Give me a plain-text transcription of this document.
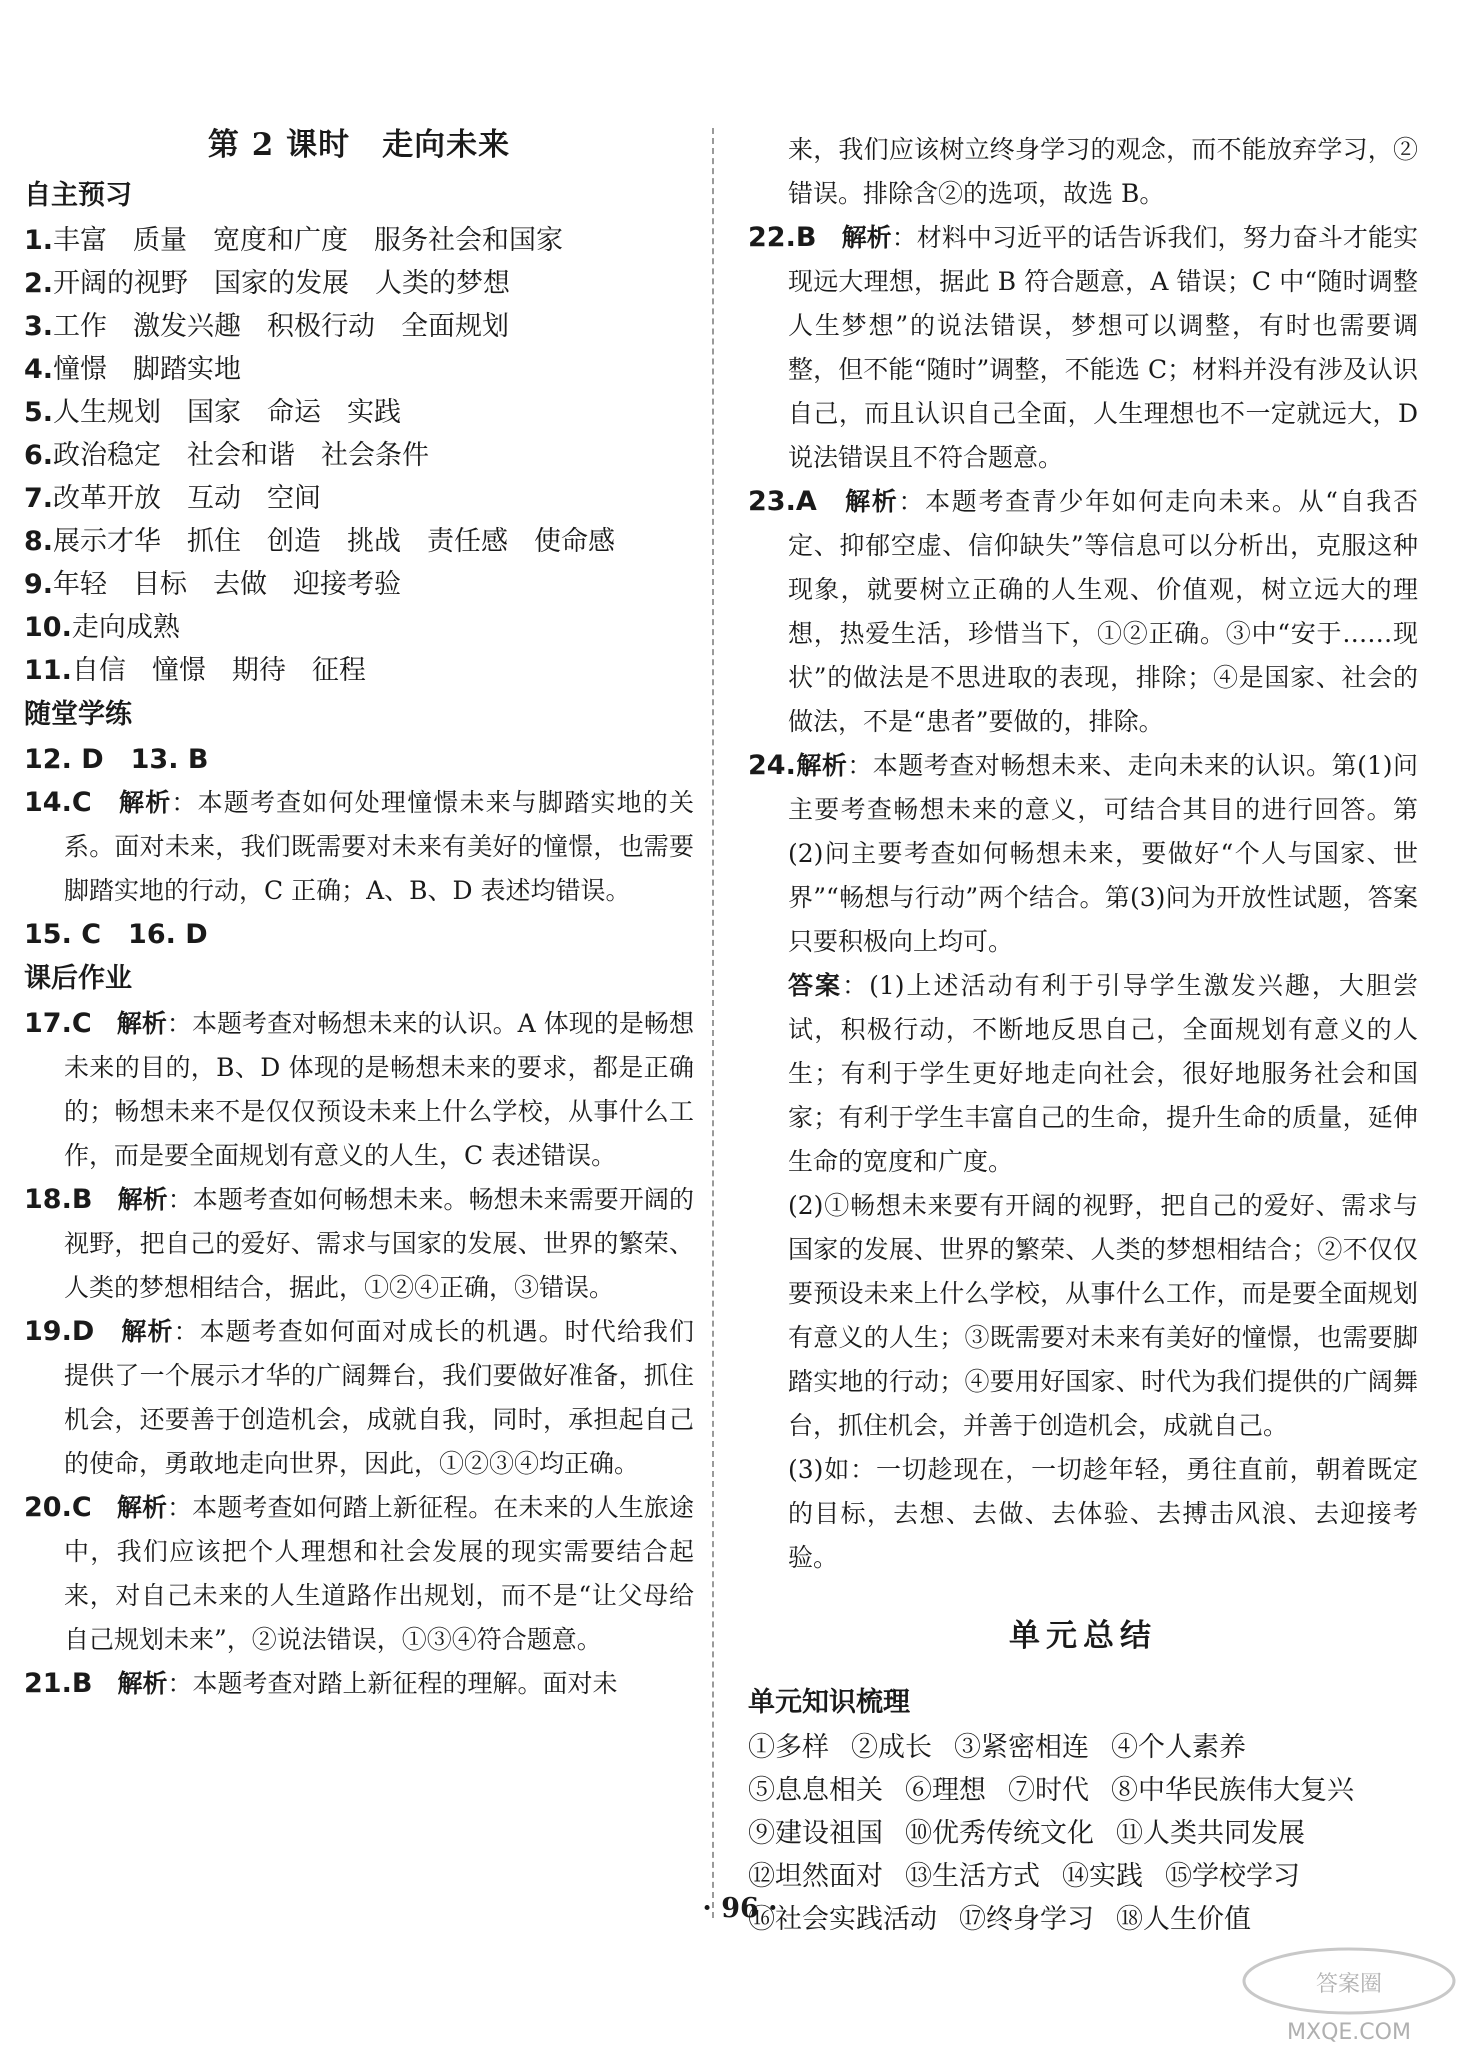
第 2 课时　走向未来
自主预习
1.丰富 质量 宽度和广度 服务社会和国家
2.开阔的视野 国家的发展 人类的梦想
3.工作 激发兴趣 积极行动 全面规划
4.憧憬 脚踏实地
5.人生规划 国家 命运 实践
6.政治稳定 社会和谐 社会条件
7.改革开放 互动 空间
8.展示才华 抓住 创造 挑战 责任感 使命感
9.年轻 目标 去做 迎接考验
10.走向成熟
11.自信 憧憬 期待 征程
随堂学练
12. D　13. B

14.C　 解析：本题考查如何处理憧憬未来与脚踏实地的关系。面对未来，我们既需要对未来有美好的憧憬，也需要脚踏实地的行动，C 正确；A、B、D 表述均错误。

15. C　16. D
课后作业

17.C　 解析：本题考查对畅想未来的认识。A 体现的是畅想未来的目的，B、D 体现的是畅想未来的要求，都是正确的；畅想未来不是仅仅预设未来上什么学校，从事什么工作，而是要全面规划有意义的人生，C 表述错误。

18.B　 解析：本题考查如何畅想未来。畅想未来需要开阔的视野，把自己的爱好、需求与国家的发展、世界的繁荣、人类的梦想相结合，据此，①②④正确，③错误。

19.D　 解析：本题考查如何面对成长的机遇。时代给我们提供了一个展示才华的广阔舞台，我们要做好准备，抓住机会，还要善于创造机会，成就自我，同时，承担起自己的使命，勇敢地走向世界，因此，①②③④均正确。

20.C　 解析：本题考查如何踏上新征程。在未来的人生旅途中，我们应该把个人理想和社会发展的现实需要结合起来，对自己未来的人生道路作出规划，而不是“让父母给自己规划未来”，②说法错误，①③④符合题意。

21.B　 解析：本题考查对踏上新征程的理解。面对未

来，我们应该树立终身学习的观念，而不能放弃学习，②错误。排除含②的选项，故选 B。

22.B　 解析：材料中习近平的话告诉我们，努力奋斗才能实现远大理想，据此 B 符合题意，A 错误；C 中“随时调整人生梦想”的说法错误，梦想可以调整，有时也需要调整，但不能“随时”调整，不能选 C；材料并没有涉及认识自己，而且认识自己全面，人生理想也不一定就远大，D 说法错误且不符合题意。

23.A　 解析：本题考查青少年如何走向未来。从“自我否定、抑郁空虚、信仰缺失”等信息可以分析出，克服这种现象，就要树立正确的人生观、价值观，树立远大的理想，热爱生活，珍惜当下，①②正确。③中“安于……现状”的做法是不思进取的表现，排除；④是国家、社会的做法，不是“患者”要做的，排除。

24.解析：本题考查对畅想未来、走向未来的认识。第(1)问主要考查畅想未来的意义，可结合其目的进行回答。第(2)问主要考查如何畅想未来，要做好“个人与国家、世界”“畅想与行动”两个结合。第(3)问为开放性试题，答案只要积极向上均可。

答案：(1)上述活动有利于引导学生激发兴趣，大胆尝试，积极行动，不断地反思自己，全面规划有意义的人生；有利于学生更好地走向社会，很好地服务社会和国家；有利于学生丰富自己的生命，提升生命的质量，延伸生命的宽度和广度。

(2)①畅想未来要有开阔的视野，把自己的爱好、需求与国家的发展、世界的繁荣、人类的梦想相结合；②不仅仅要预设未来上什么学校，从事什么工作，而是要全面规划有意义的人生；③既需要对未来有美好的憧憬，也需要脚踏实地的行动；④要用好国家、时代为我们提供的广阔舞台，抓住机会，并善于创造机会，成就自己。

(3)如：一切趁现在，一切趁年轻，勇往直前，朝着既定的目标，去想、去做、去体验、去搏击风浪、去迎接考验。

单元总结
单元知识梳理
①多样 ②成长 ③紧密相连 ④个人素养
⑤息息相关 ⑥理想 ⑦时代 ⑧中华民族伟大复兴
⑨建设祖国 ⑩优秀传统文化 ⑪人类共同发展
⑫坦然面对 ⑬生活方式 ⑭实践 ⑮学校学习
⑯社会实践活动 ⑰终身学习 ⑱人生价值
· 96 ·
答案圈
MXQE.COM
